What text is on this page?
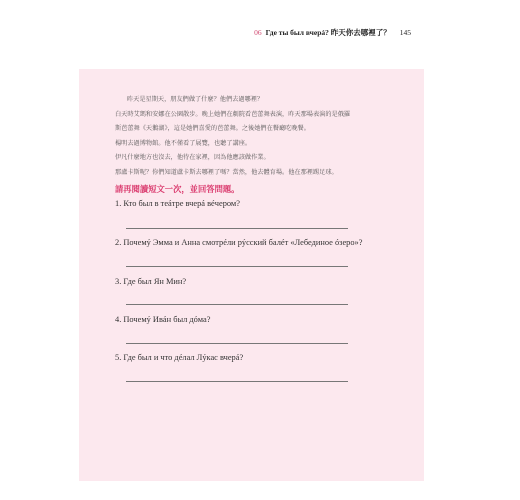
06 Где ты был вчерá? 昨天你去哪裡了？ 145
昨天是星期天，朋友們做了什麼？他們去過哪裡？
白天時艾瑪和安娜在公園散步。晚上她們在劇院看芭蕾舞表演，昨天那場表演的是俄羅
斯芭蕾舞《天鵝湖》，這是她們喜愛的芭蕾舞。之後她們在餐廳吃晚餐。
楊明去過博物館。他不僅看了展覽，也聽了講座。
伊凡什麼地方也沒去，他待在家裡，因為他應該做作業。
那盧卡斯呢？你們知道盧卡斯去哪裡了嗎？當然，他去體育場。他在那裡踢足球。
請再閱讀短文一次，並回答問題。
1. Кто был в теáтре вчерá вéчером?
2. Почемý Эмма и Анна смотрéли рýсский балéт «Лебединое óзеро»?
3. Где был Ян Мин?
4. Почемý Ивáн был дóма?
5. Где был и что дéлал Лýкас вчерá?
